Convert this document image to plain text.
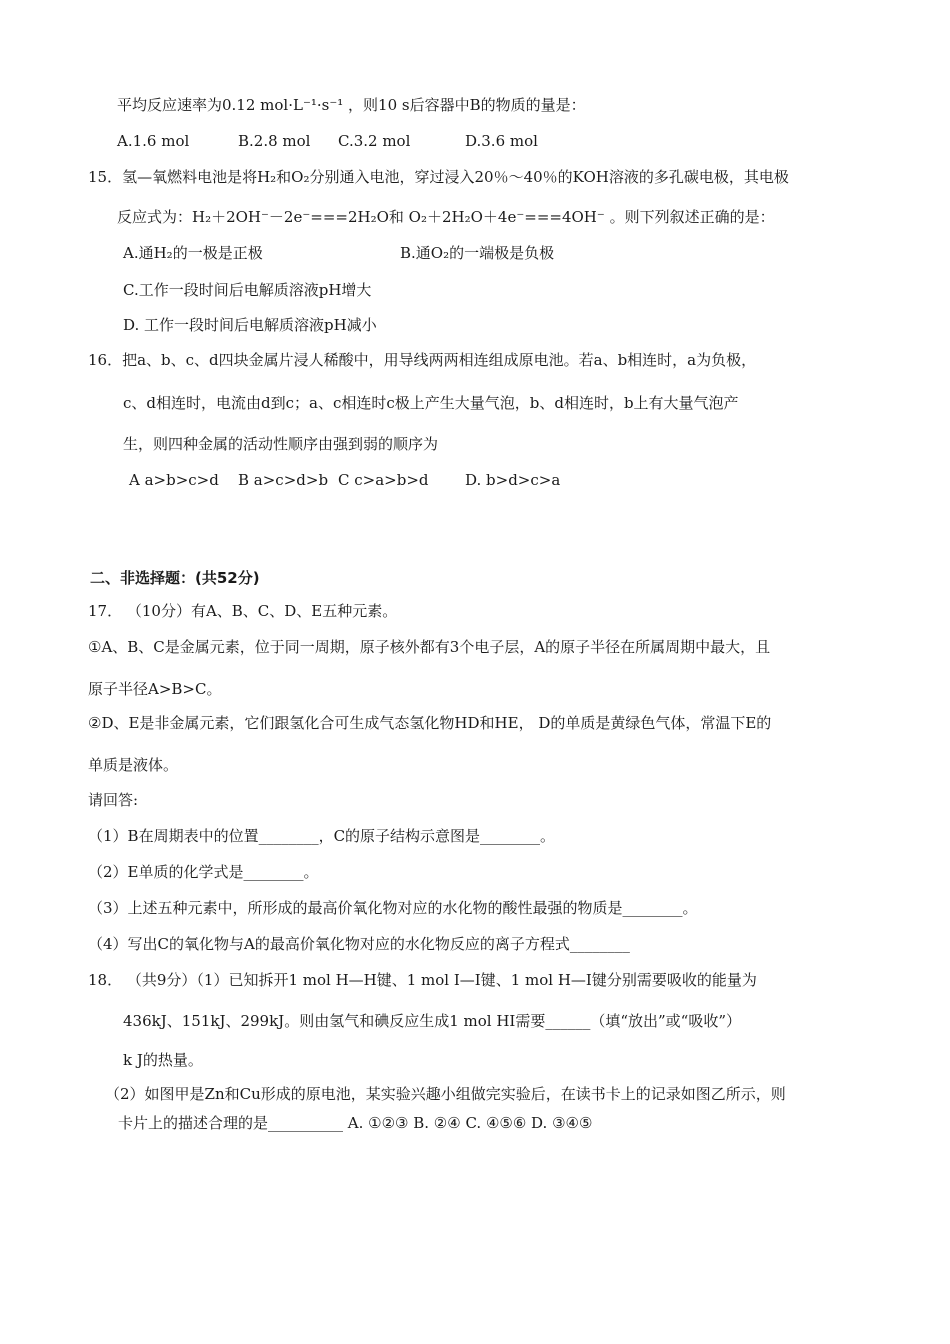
平均反应速率为0.12 mol·L⁻¹·s⁻¹ ，则10 s后容器中B的物质的量是：
A.1.6 mol	B.2.8 mol C.3.2 mol	D.3.6 mol
15．氢—氧燃料电池是将H₂和O₂分别通入电池，穿过浸入20％～40％的KOH溶液的多孔碳电极，其电极
反应式为：H₂＋2OH⁻－2e⁻===2H₂O和 O₂＋2H₂O＋4e⁻===4OH⁻ 。则下列叙述正确的是：
A.通H₂的一极是正极	B.通O₂的一端极是负极
C.工作一段时间后电解质溶液pH增大
D. 工作一段时间后电解质溶液pH减小
16．把a、b、c、d四块金属片浸人稀酸中，用导线两两相连组成原电池。若a、b相连时，a为负极，
c、d相连时，电流由d到c；a、c相连时c极上产生大量气泡，b、d相连时，b上有大量气泡产
生，则四种金属的活动性顺序由强到弱的顺序为
A a>b>c>d B a>c>d>b C c>a>b>d D. b>d>c>a
二、非选择题：(共52分)
17． （10分）有A、B、C、D、E五种元素。
①A、B、C是金属元素，位于同一周期，原子核外都有3个电子层，A的原子半径在所属周期中最大，且
原子半径A>B>C。
②D、E是非金属元素，它们跟氢化合可生成气态氢化物HD和HE， D的单质是黄绿色气体，常温下E的
单质是液体。
请回答:
（1）B在周期表中的位置________，C的原子结构示意图是________。
（2）E单质的化学式是________。
（3）上述五种元素中，所形成的最高价氧化物对应的水化物的酸性最强的物质是________。
（4）写出C的氧化物与A的最高价氧化物对应的水化物反应的离子方程式________
18． （共9分）（1）已知拆开1 mol H—H键、1 mol I—I键、1 mol H—I键分别需要吸收的能量为
436kJ、151kJ、299kJ。则由氢气和碘反应生成1 mol HI需要______（填“放出”或“吸收”）
k J的热量。
（2）如图甲是Zn和Cu形成的原电池，某实验兴趣小组做完实验后，在读书卡上的记录如图乙所示，则
卡片上的描述合理的是__________ A. ①②③ B. ②④ C. ④⑤⑥ D. ③④⑤
